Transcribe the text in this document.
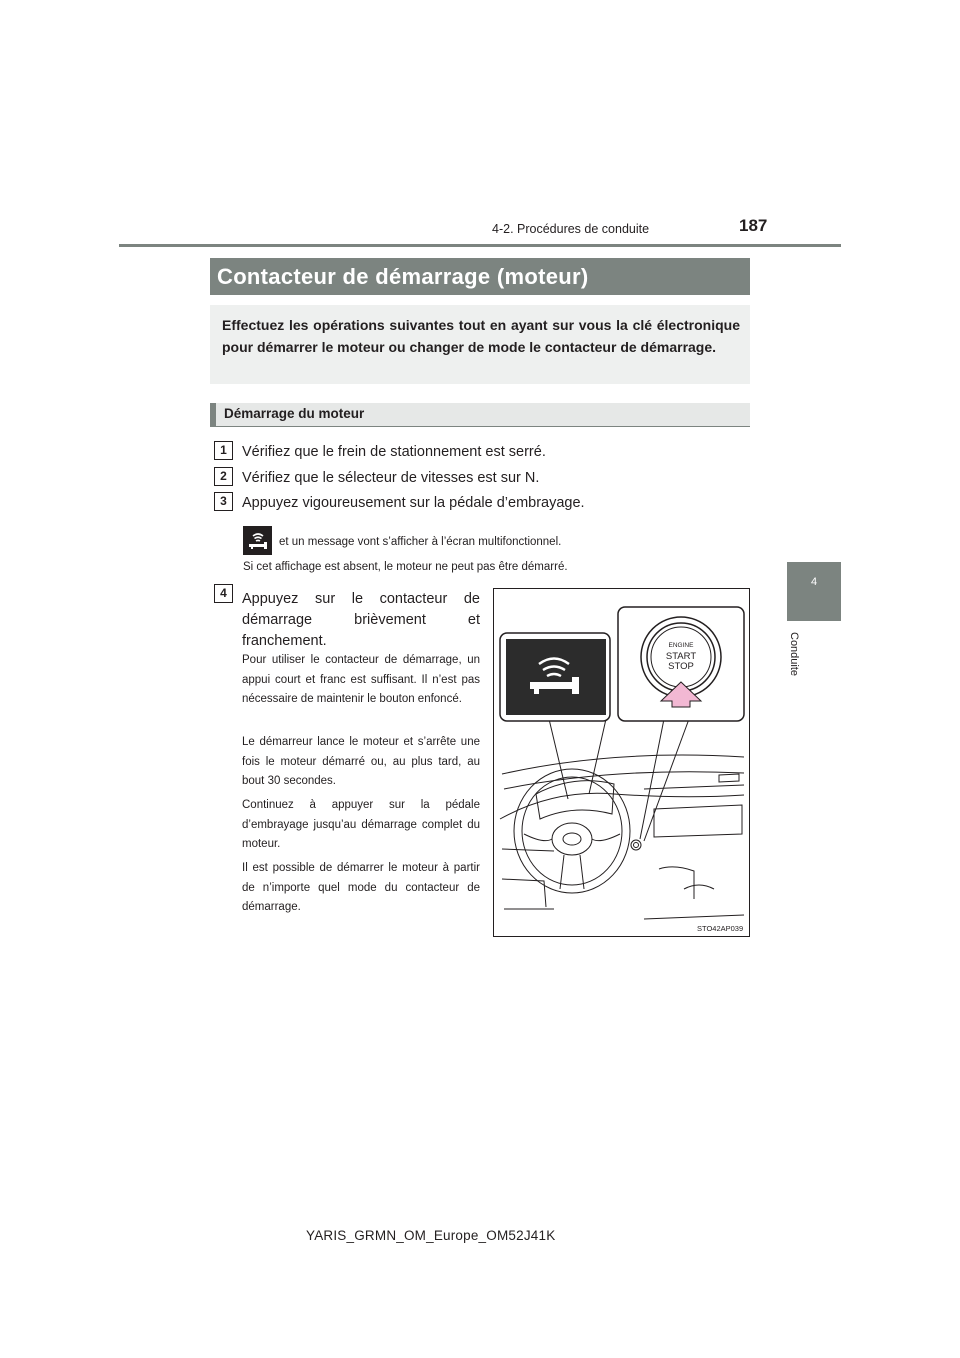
4-2. Procédures de conduite	187
4
Conduite
Contacteur de démarrage (moteur)
Effectuez les opérations suivantes tout en ayant sur vous la clé électronique pour démarrer le moteur ou changer de mode le contacteur de démarrage.
Démarrage du moteur
1	Vérifiez que le frein de stationnement est serré.
2	Vérifiez que le sélecteur de vitesses est sur N.
3	Appuyez vigoureusement sur la pédale d’embrayage.
et un message vont s’afficher à l’écran multifonctionnel.
Si cet affichage est absent, le moteur ne peut pas être démarré.
4	Appuyez sur le contacteur de démarrage brièvement et franchement.
Pour utiliser le contacteur de démarrage, un appui court et franc est suffisant. Il n’est pas nécessaire de maintenir le bouton enfoncé.
Le démarreur lance le moteur et s’arrête une fois le moteur démarré ou, au plus tard, au bout 30 secondes.
Continuez à appuyer sur la pédale d’embrayage jusqu’au démarrage complet du moteur.
Il est possible de démarrer le moteur à partir de n’importe quel mode du contacteur de démarrage.
ENGINE
START
STOP
STO42AP039
YARIS_GRMN_OM_Europe_OM52J41K
